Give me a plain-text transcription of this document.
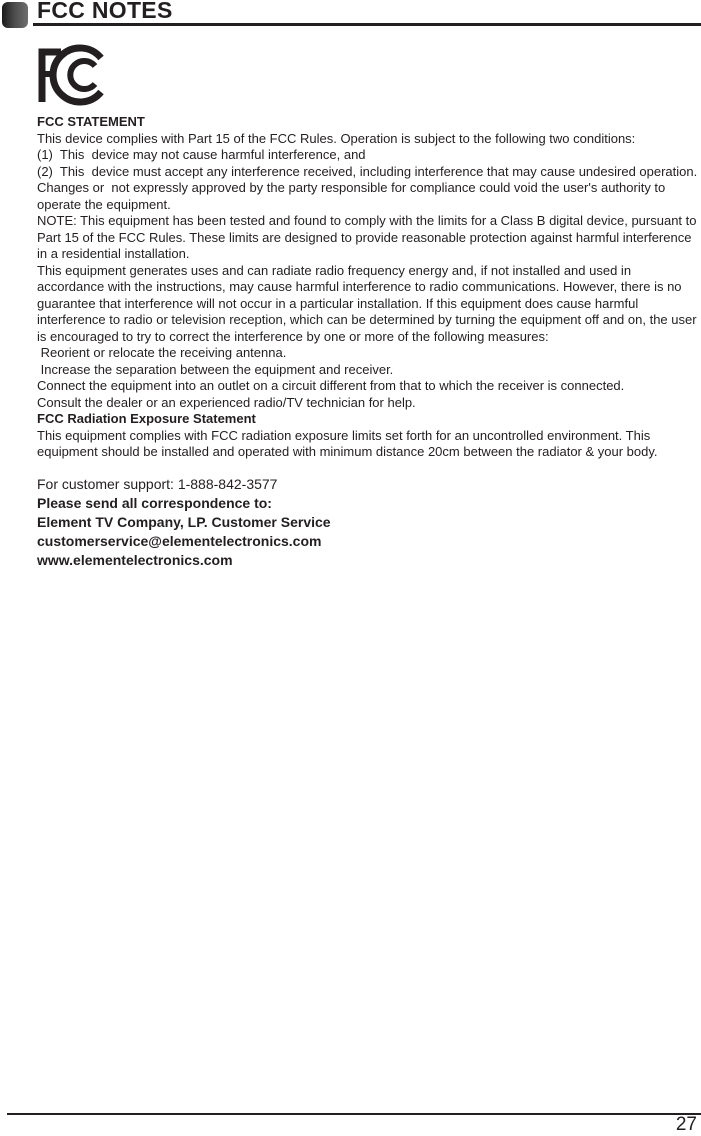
FCC NOTES

FCC STATEMENT

This device complies with Part 15 of the FCC Rules. Operation is subject to the following two conditions:

(1)  This  device may not cause harmful interference, and

(2)  This  device must accept any interference received, including interference that may cause undesired operation.

Changes or  not expressly approved by the party responsible for compliance could void the user's authority to operate the equipment.

NOTE: This equipment has been tested and found to comply with the limits for a Class B digital device, pursuant to Part 15 of the FCC Rules. These limits are designed to provide reasonable protection against harmful interference in a residential installation.

This equipment generates uses and can radiate radio frequency energy and, if not installed and used in accordance with the instructions, may cause harmful interference to radio communications. However, there is no guarantee that interference will not occur in a particular installation. If this equipment does cause harmful interference to radio or television reception, which can be determined by turning the equipment off and on, the user is encouraged to try to correct the interference by one or more of the following measures:

Reorient or relocate the receiving antenna.

Increase the separation between the equipment and receiver.

Connect the equipment into an outlet on a circuit different from that to which the receiver is connected.

Consult the dealer or an experienced radio/TV technician for help.

FCC Radiation Exposure Statement

This equipment complies with FCC radiation exposure limits set forth for an uncontrolled environment. This equipment should be installed and operated with minimum distance 20cm between the radiator & your body.

For customer support: 1-888-842-3577

Please send all correspondence to:

Element TV Company, LP. Customer Service

customerservice@elementelectronics.com

www.elementelectronics.com

27
